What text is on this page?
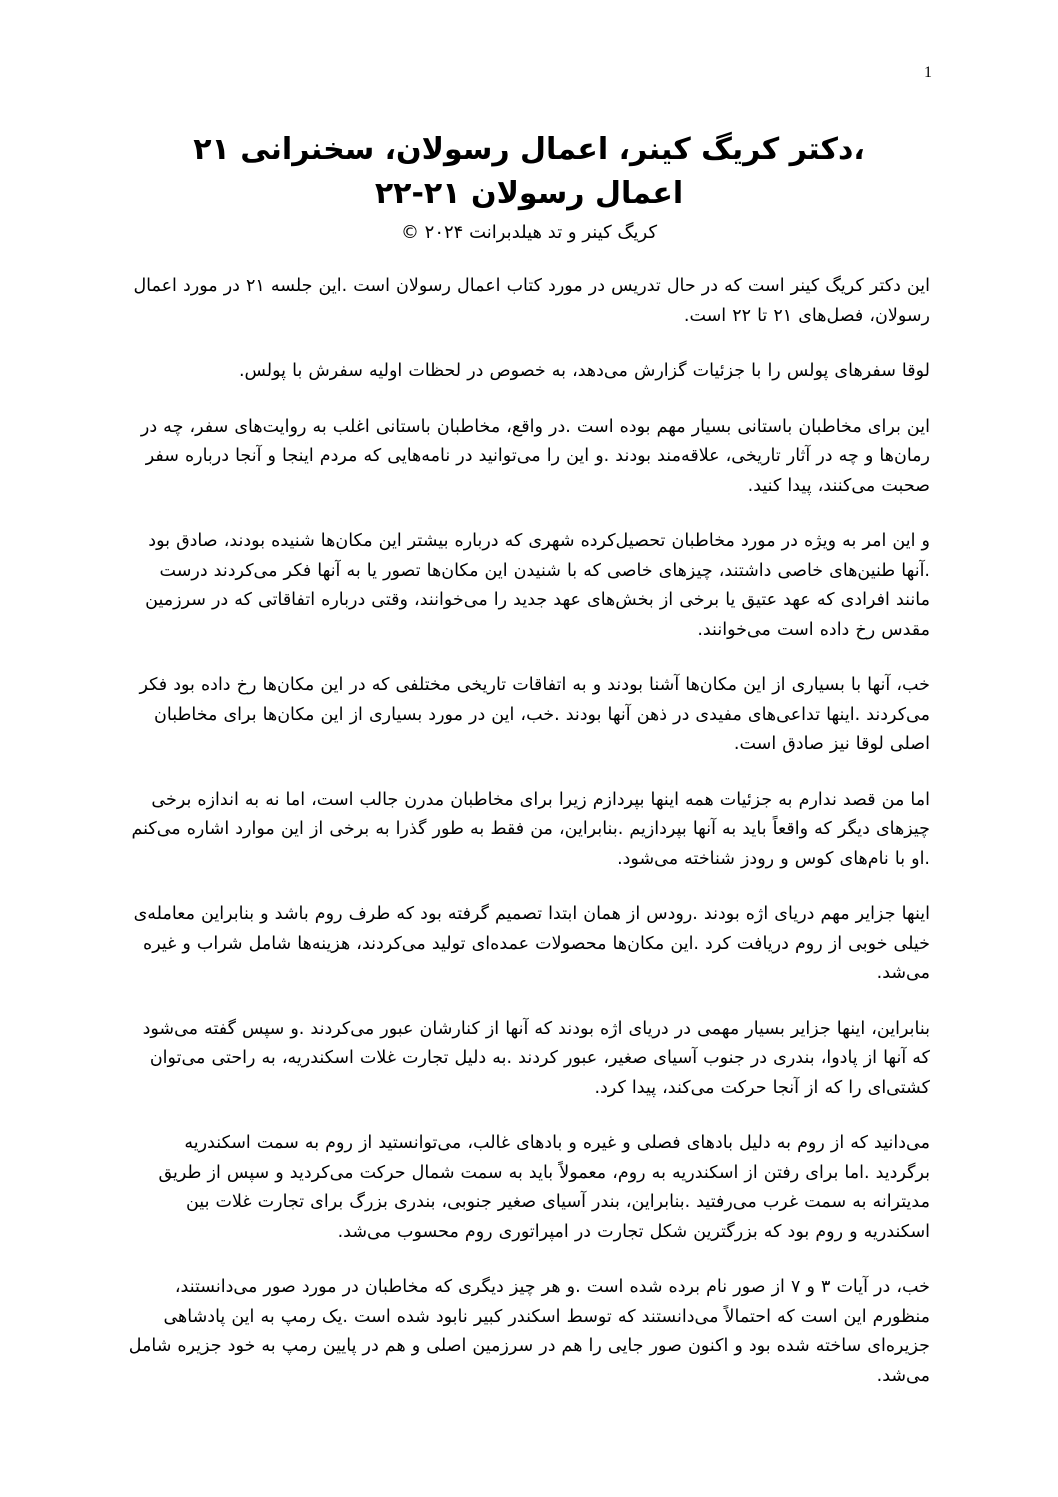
1
،دکتر کریگ کینر، اعمال رسولان، سخنرانی ۲۱
اعمال رسولان ۲۱-۲۲

کریگ کینر و تد هیلدبرانت ۲۰۲۴ ©

این دکتر کریگ کینر است که در حال تدریس در مورد کتاب اعمال رسولان است .این جلسه ۲۱ در مورد اعمال رسولان، فصل‌های ۲۱ تا ۲۲ است.

لوقا سفرهای پولس را با جزئیات گزارش می‌دهد، به خصوص در لحظات اولیه سفرش با پولس.

این برای مخاطبان باستانی بسیار مهم بوده است .در واقع، مخاطبان باستانی اغلب به روایت‌های سفر، چه در رمان‌ها و چه در آثار تاریخی، علاقه‌مند بودند .و این را می‌توانید در نامه‌هایی که مردم اینجا و آنجا درباره سفر صحبت می‌کنند، پیدا کنید.

و این امر به ویژه در مورد مخاطبان تحصیل‌کرده شهری که درباره بیشتر این مکان‌ها شنیده بودند، صادق بود .آنها طنین‌های خاصی داشتند، چیزهای خاصی که با شنیدن این مکان‌ها تصور یا به آنها فکر می‌کردند درست مانند افرادی که عهد عتیق یا برخی از بخش‌های عهد جدید را می‌خوانند، وقتی درباره اتفاقاتی که در سرزمین مقدس رخ داده است می‌خوانند.

خب، آنها با بسیاری از این مکان‌ها آشنا بودند و به اتفاقات تاریخی مختلفی که در این مکان‌ها رخ داده بود فکر می‌کردند .اینها تداعی‌های مفیدی در ذهن آنها بودند .خب، این در مورد بسیاری از این مکان‌ها برای مخاطبان اصلی لوقا نیز صادق است.

اما من قصد ندارم به جزئیات همه اینها بپردازم زیرا برای مخاطبان مدرن جالب است، اما نه به اندازه برخی چیزهای دیگر که واقعاً باید به آنها بپردازیم .بنابراین، من فقط به طور گذرا به برخی از این موارد اشاره می‌کنم .او با نام‌های کوس و رودز شناخته می‌شود.

اینها جزایر مهم دریای اژه بودند .رودس از همان ابتدا تصمیم گرفته بود که طرف روم باشد و بنابراین معامله‌ی خیلی خوبی از روم دریافت کرد .این مکان‌ها محصولات عمده‌ای تولید می‌کردند، هزینه‌ها شامل شراب و غیره می‌شد.

بنابراین، اینها جزایر بسیار مهمی در دریای اژه بودند که آنها از کنارشان عبور می‌کردند .و سپس گفته می‌شود که آنها از پادوا، بندری در جنوب آسیای صغیر، عبور کردند .به دلیل تجارت غلات اسکندریه، به راحتی می‌توان کشتی‌ای را که از آنجا حرکت می‌کند، پیدا کرد.

می‌دانید که از روم به دلیل بادهای فصلی و غیره و بادهای غالب، می‌توانستید از روم به سمت اسکندریه برگردید .اما برای رفتن از اسکندریه به روم، معمولاً باید به سمت شمال حرکت می‌کردید و سپس از طریق مدیترانه به سمت غرب می‌رفتید .بنابراین، بندر آسیای صغیر جنوبی، بندری بزرگ برای تجارت غلات بین اسکندریه و روم بود که بزرگترین شکل تجارت در امپراتوری روم محسوب می‌شد.

خب، در آیات ۳ و ۷ از صور نام برده شده است .و هر چیز دیگری که مخاطبان در مورد صور می‌دانستند، منظورم این است که احتمالاً می‌دانستند که توسط اسکندر کبیر نابود شده است .یک رمپ به این پادشاهی جزیره‌ای ساخته شده بود و اکنون صور جایی را هم در سرزمین اصلی و هم در پایین رمپ به خود جزیره شامل می‌شد.
